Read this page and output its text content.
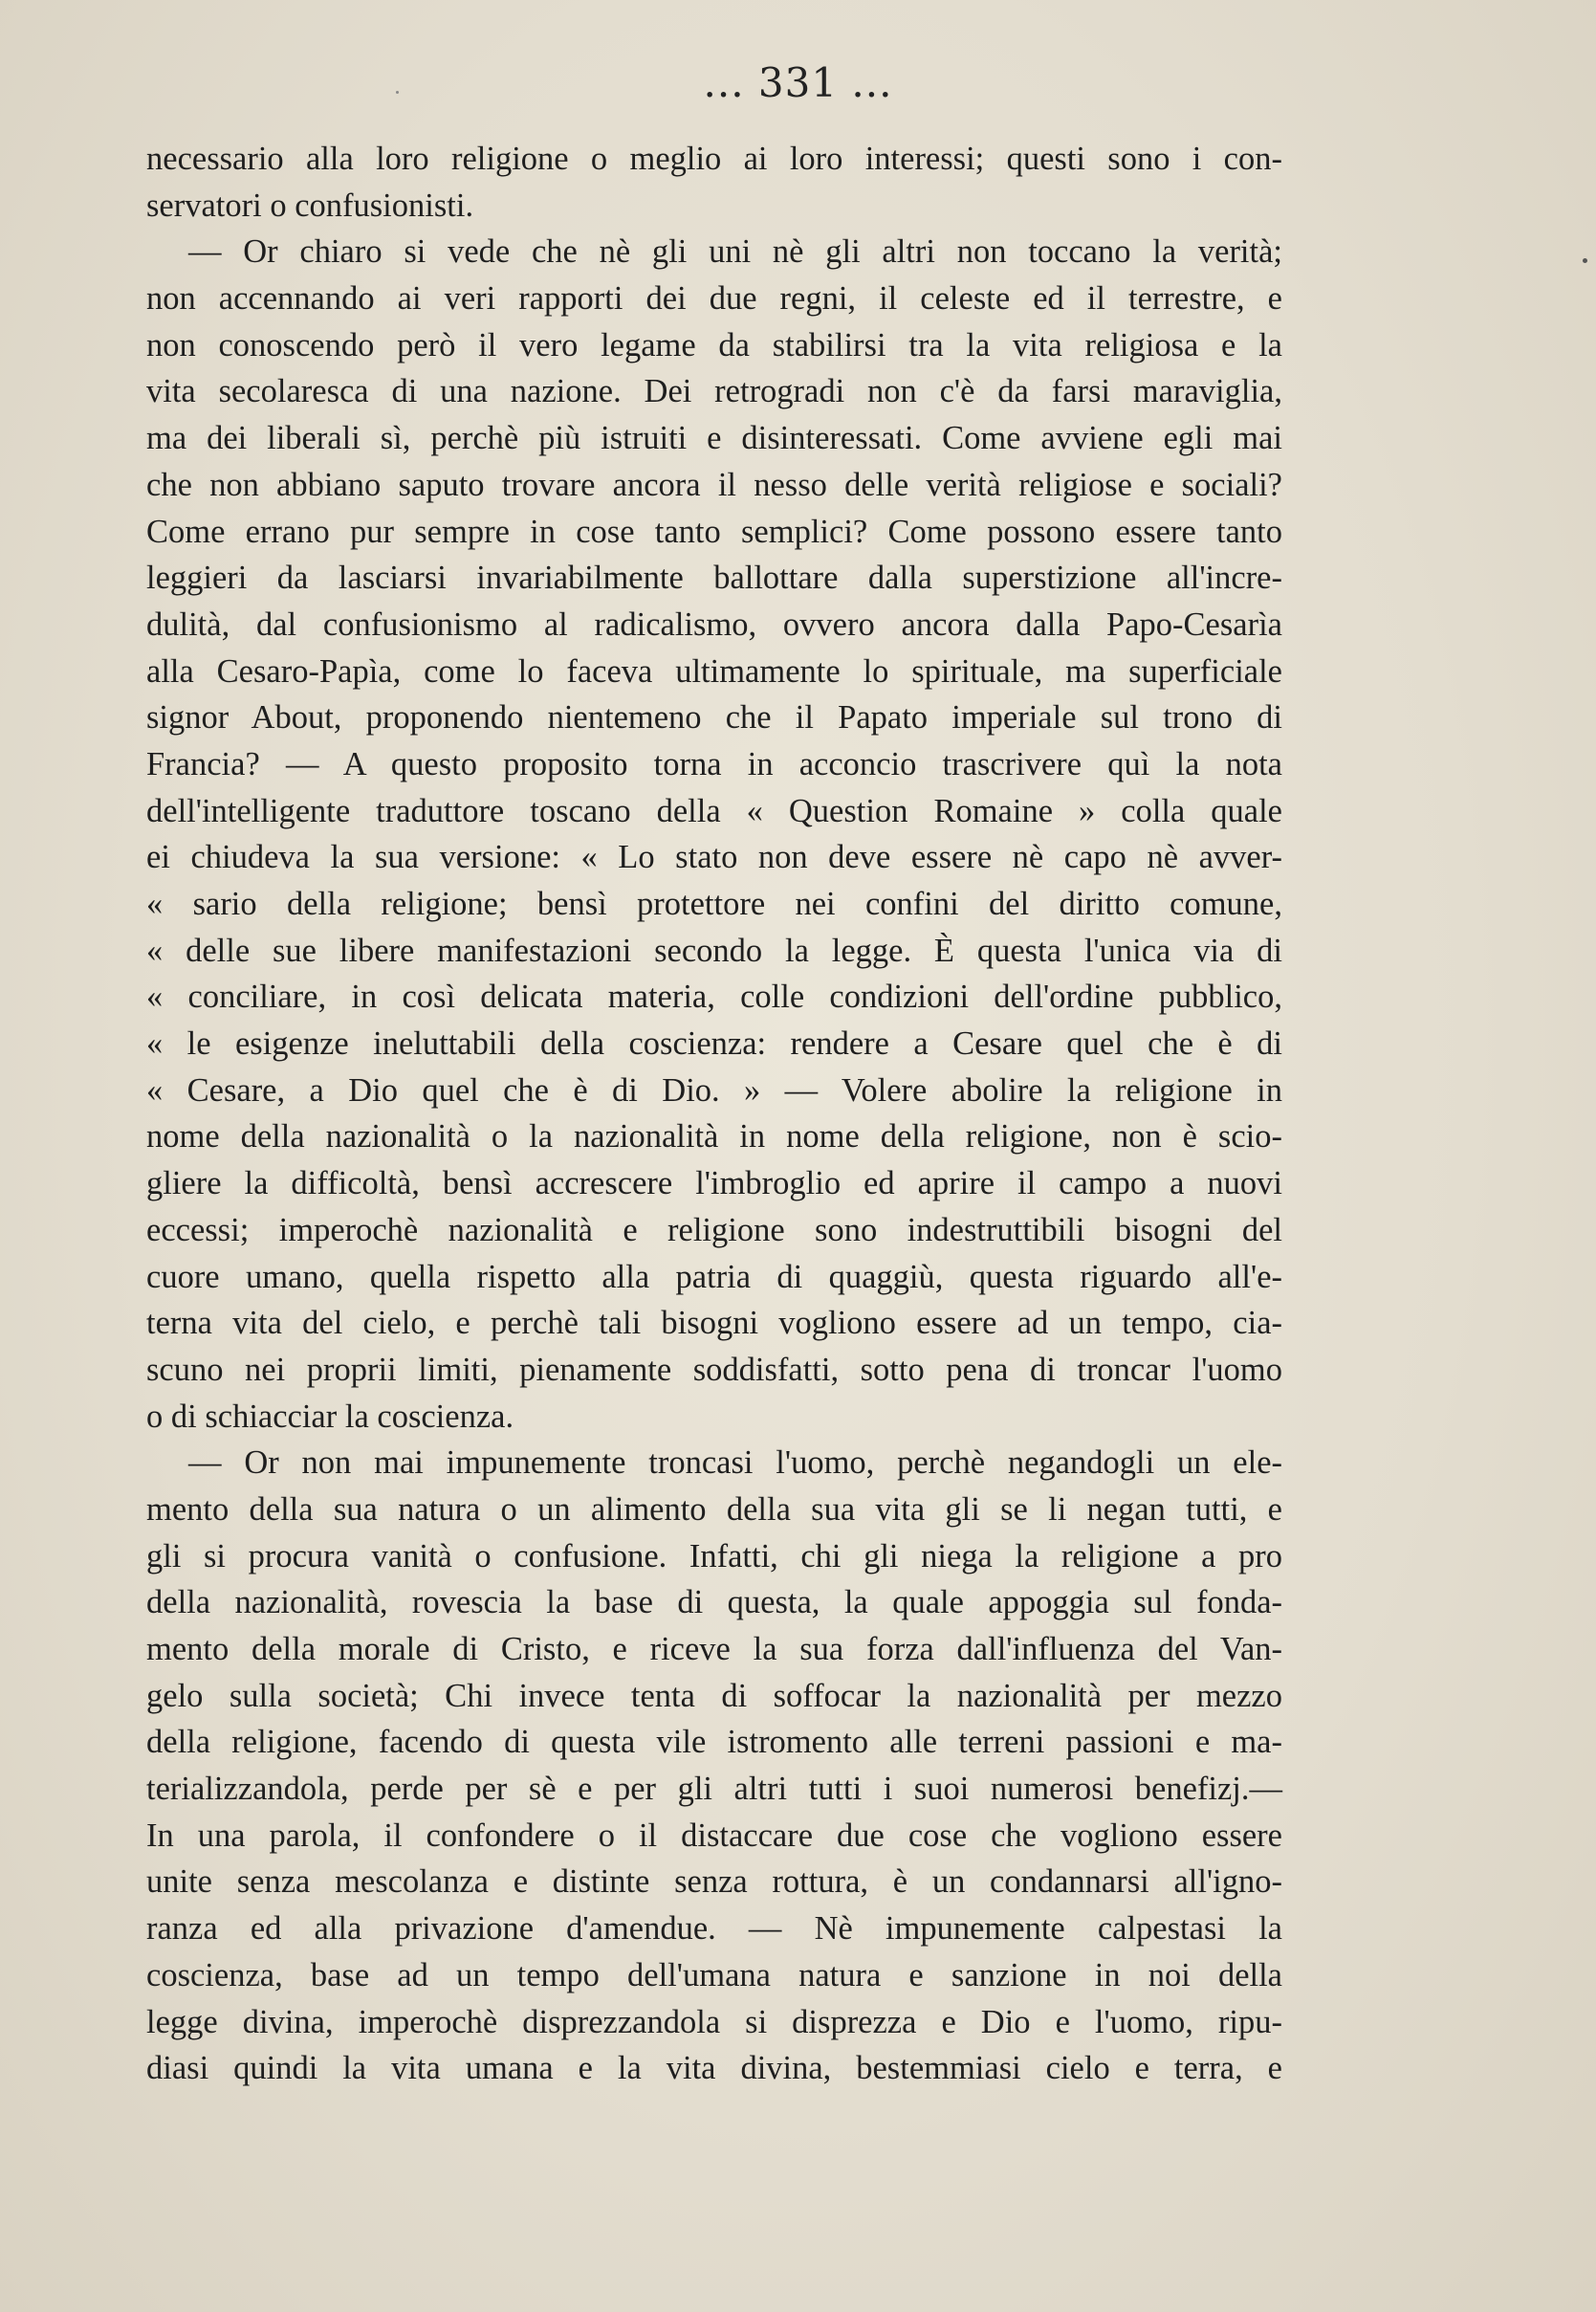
... 331 ...
necessario alla loro religione o meglio ai loro interessi; questi sono i con-
servatori o confusionisti.
— Or chiaro si vede che nè gli uni nè gli altri non toccano la verità;
non accennando ai veri rapporti dei due regni, il celeste ed il terrestre, e
non conoscendo però il vero legame da stabilirsi tra la vita religiosa e la
vita secolaresca di una nazione. Dei retrogradi non c'è da farsi maraviglia,
ma dei liberali sì, perchè più istruiti e disinteressati. Come avviene egli mai
che non abbiano saputo trovare ancora il nesso delle verità religiose e sociali?
Come errano pur sempre in cose tanto semplici? Come possono essere tanto
leggieri da lasciarsi invariabilmente ballottare dalla superstizione all'incre-
dulità, dal confusionismo al radicalismo, ovvero ancora dalla Papo-Cesarìa
alla Cesaro-Papìa, come lo faceva ultimamente lo spirituale, ma superficiale
signor About, proponendo nientemeno che il Papato imperiale sul trono di
Francia? — A questo proposito torna in acconcio trascrivere quì la nota
dell'intelligente traduttore toscano della « Question Romaine » colla quale
ei chiudeva la sua versione: « Lo stato non deve essere nè capo nè avver-
« sario della religione; bensì protettore nei confini del diritto comune,
« delle sue libere manifestazioni secondo la legge. È questa l'unica via di
« conciliare, in così delicata materia, colle condizioni dell'ordine pubblico,
« le esigenze ineluttabili della coscienza: rendere a Cesare quel che è di
« Cesare, a Dio quel che è di Dio. » — Volere abolire la religione in
nome della nazionalità o la nazionalità in nome della religione, non è scio-
gliere la difficoltà, bensì accrescere l'imbroglio ed aprire il campo a nuovi
eccessi; imperochè nazionalità e religione sono indestruttibili bisogni del
cuore umano, quella rispetto alla patria di quaggiù, questa riguardo all'e-
terna vita del cielo, e perchè tali bisogni vogliono essere ad un tempo, cia-
scuno nei proprii limiti, pienamente soddisfatti, sotto pena di troncar l'uomo
o di schiacciar la coscienza.
— Or non mai impunemente troncasi l'uomo, perchè negandogli un ele-
mento della sua natura o un alimento della sua vita gli se li negan tutti, e
gli si procura vanità o confusione. Infatti, chi gli niega la religione a pro
della nazionalità, rovescia la base di questa, la quale appoggia sul fonda-
mento della morale di Cristo, e riceve la sua forza dall'influenza del Van-
gelo sulla società; Chi invece tenta di soffocar la nazionalità per mezzo
della religione, facendo di questa vile istromento alle terreni passioni e ma-
terializzandola, perde per sè e per gli altri tutti i suoi numerosi benefizj.—
In una parola, il confondere o il distaccare due cose che vogliono essere
unite senza mescolanza e distinte senza rottura, è un condannarsi all'igno-
ranza ed alla privazione d'amendue. — Nè impunemente calpestasi la
coscienza, base ad un tempo dell'umana natura e sanzione in noi della
legge divina, imperochè disprezzandola si disprezza e Dio e l'uomo, ripu-
diasi quindi la vita umana e la vita divina, bestemmiasi cielo e terra, e
